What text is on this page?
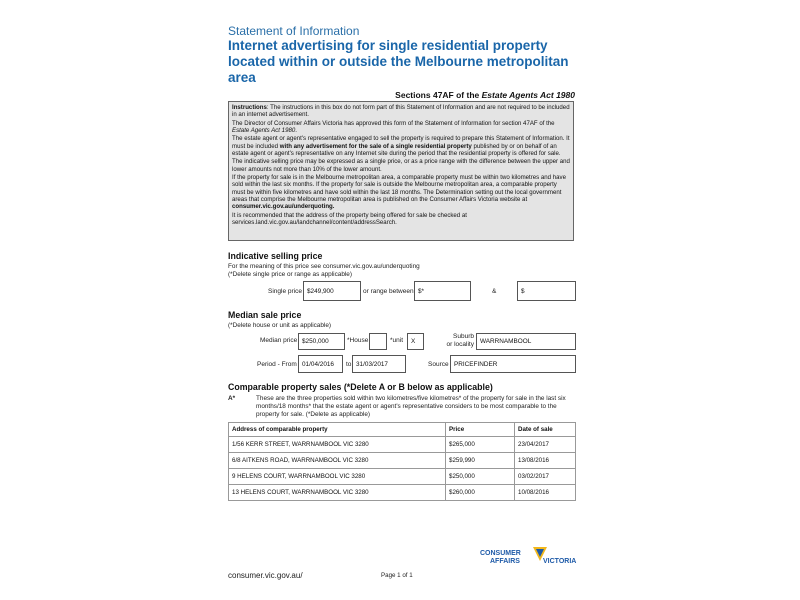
Statement of Information
Internet advertising for single residential property located within or outside the Melbourne metropolitan area
Sections 47AF of the Estate Agents Act 1980

Instructions: The instructions in this box do not form part of this Statement of Information and are not required to be included in an internet advertisement.

The Director of Consumer Affairs Victoria has approved this form of the Statement of Information for section 47AF of the Estate Agents Act 1980.

The estate agent or agent's representative engaged to sell the property is required to prepare this Statement of Information. It must be included with any advertisement for the sale of a single residential property published by or on behalf of an estate agent or agent's representative on any Internet site during the period that the residential property is offered for sale.

The indicative selling price may be expressed as a single price, or as a price range with the difference between the upper and lower amounts not more than 10% of the lower amount.

If the property for sale is in the Melbourne metropolitan area, a comparable property must be within two kilometres and have sold within the last six months. If the property for sale is outside the Melbourne metropolitan area, a comparable property must be within five kilometres and have sold within the last 18 months. The Determination setting out the local government areas that comprise the Melbourne metropolitan area is published on the Consumer Affairs Victoria website at consumer.vic.gov.au/underquoting.

It is recommended that the address of the property being offered for sale be checked at services.land.vic.gov.au/landchannel/content/addressSearch.

Indicative selling price
For the meaning of this price see consumer.vic.gov.au/underquoting
(*Delete single price or range as applicable)
Single price $249,900	or range between $*	&	$
Median sale price
(*Delete house or unit as applicable)
Median price $250,000	*House	*unit	X
Suburb
or locality WARRNAMBOOL
Period - From 01/04/2016	to 31/03/2017	Source PRICEFINDER
Comparable property sales (*Delete A or B below as applicable)
A*	These are the three properties sold within two kilometres/five kilometres* of the property for sale in the last six months/18 months* that the estate agent or agent's representative considers to be most comparable to the property for sale. (*Delete as applicable)
Address of comparable property	Price	Date of sale
1/56 KERR STREET, WARRNAMBOOL VIC 3280	$265,000	23/04/2017
6/8 AITKENS ROAD, WARRNAMBOOL VIC 3280	$259,990	13/08/2016
9 HELENS COURT, WARRNAMBOOL VIC 3280	$250,000	03/02/2017
13 HELENS COURT, WARRNAMBOOL VIC 3280	$260,000	10/08/2016
CONSUMER
AFFAIRS	VICTORIA
consumer.vic.gov.au/	Page 1 of 1
